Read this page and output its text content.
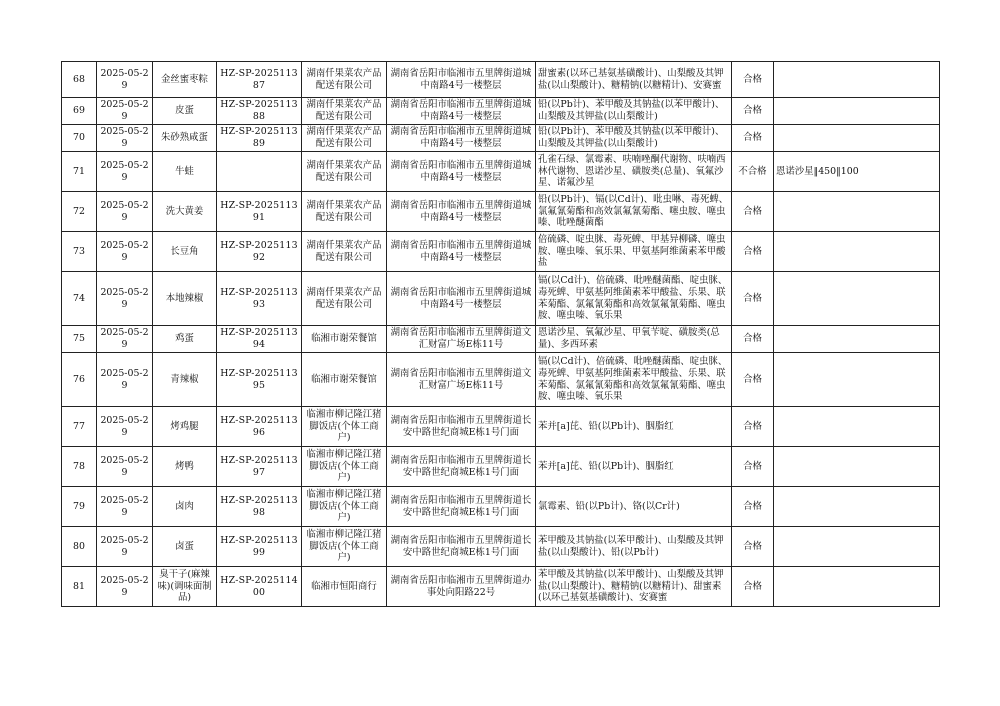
68	2025-05-29	金丝蜜枣粽	HZ-SP-202511387	湖南仟果菜农产品配送有限公司	湖南省岳阳市临湘市五里牌街道城中南路4号一楼整层	甜蜜素(以环己基氨基磺酸计)、山梨酸及其钾盐(以山梨酸计)、糖精钠(以糖精计)、安赛蜜	合格	
69	2025-05-29	皮蛋	HZ-SP-202511388	湖南仟果菜农产品配送有限公司	湖南省岳阳市临湘市五里牌街道城中南路4号一楼整层	铅(以Pb计)、苯甲酸及其钠盐(以苯甲酸计)、山梨酸及其钾盐(以山梨酸计)	合格	
70	2025-05-29	朱砂熟咸蛋	HZ-SP-202511389	湖南仟果菜农产品配送有限公司	湖南省岳阳市临湘市五里牌街道城中南路4号一楼整层	铅(以Pb计)、苯甲酸及其钠盐(以苯甲酸计)、山梨酸及其钾盐(以山梨酸计)	合格	
71	2025-05-29	牛蛙		湖南仟果菜农产品配送有限公司	湖南省岳阳市临湘市五里牌街道城中南路4号一楼整层	孔雀石绿、氯霉素、呋喃唑酮代谢物、呋喃西林代谢物、恩诺沙星、磺胺类(总量)、氧氟沙星、诺氟沙星	不合格	恩诺沙星‖450‖100
72	2025-05-29	洗大黄姜	HZ-SP-202511391	湖南仟果菜农产品配送有限公司	湖南省岳阳市临湘市五里牌街道城中南路4号一楼整层	铅(以Pb计)、镉(以Cd计)、吡虫啉、毒死蜱、氯氟氰菊酯和高效氯氟氰菊酯、噻虫胺、噻虫嗪、吡唑醚菌酯	合格	
73	2025-05-29	长豆角	HZ-SP-202511392	湖南仟果菜农产品配送有限公司	湖南省岳阳市临湘市五里牌街道城中南路4号一楼整层	倍硫磷、啶虫脒、毒死蜱、甲基异柳磷、噻虫胺、噻虫嗪、氧乐果、甲氨基阿维菌素苯甲酸盐	合格	
74	2025-05-29	本地辣椒	HZ-SP-202511393	湖南仟果菜农产品配送有限公司	湖南省岳阳市临湘市五里牌街道城中南路4号一楼整层	镉(以Cd计)、倍硫磷、吡唑醚菌酯、啶虫脒、毒死蜱、甲氨基阿维菌素苯甲酸盐、乐果、联苯菊酯、氯氟氰菊酯和高效氯氟氰菊酯、噻虫胺、噻虫嗪、氧乐果	合格	
75	2025-05-29	鸡蛋	HZ-SP-202511394	临湘市谢荣餐馆	湖南省岳阳市临湘市五里牌街道文汇财富广场E栋11号	恩诺沙星、氧氟沙星、甲氧苄啶、磺胺类(总量)、多西环素	合格	
76	2025-05-29	青辣椒	HZ-SP-202511395	临湘市谢荣餐馆	湖南省岳阳市临湘市五里牌街道文汇财富广场E栋11号	镉(以Cd计)、倍硫磷、吡唑醚菌酯、啶虫脒、毒死蜱、甲氨基阿维菌素苯甲酸盐、乐果、联苯菊酯、氯氟氰菊酯和高效氯氟氰菊酯、噻虫胺、噻虫嗪、氧乐果	合格	
77	2025-05-29	烤鸡腿	HZ-SP-202511396	临湘市柳记隆江猪脚饭店(个体工商户)	湖南省岳阳市临湘市五里牌街道长安中路世纪商城E栋1号门面	苯并[a]芘、铅(以Pb计)、胭脂红	合格	
78	2025-05-29	烤鸭	HZ-SP-202511397	临湘市柳记隆江猪脚饭店(个体工商户)	湖南省岳阳市临湘市五里牌街道长安中路世纪商城E栋1号门面	苯并[a]芘、铅(以Pb计)、胭脂红	合格	
79	2025-05-29	卤肉	HZ-SP-202511398	临湘市柳记隆江猪脚饭店(个体工商户)	湖南省岳阳市临湘市五里牌街道长安中路世纪商城E栋1号门面	氯霉素、铅(以Pb计)、铬(以Cr计)	合格	
80	2025-05-29	卤蛋	HZ-SP-202511399	临湘市柳记隆江猪脚饭店(个体工商户)	湖南省岳阳市临湘市五里牌街道长安中路世纪商城E栋1号门面	苯甲酸及其钠盐(以苯甲酸计)、山梨酸及其钾盐(以山梨酸计)、铅(以Pb计)	合格	
81	2025-05-29	臭干子(麻辣味)(调味面制品)	HZ-SP-202511400	临湘市恒阳商行	湖南省岳阳市临湘市五里牌街道办事处向阳路22号	苯甲酸及其钠盐(以苯甲酸计)、山梨酸及其钾盐(以山梨酸计)、糖精钠(以糖精计)、甜蜜素(以环己基氨基磺酸计)、安赛蜜	合格	
